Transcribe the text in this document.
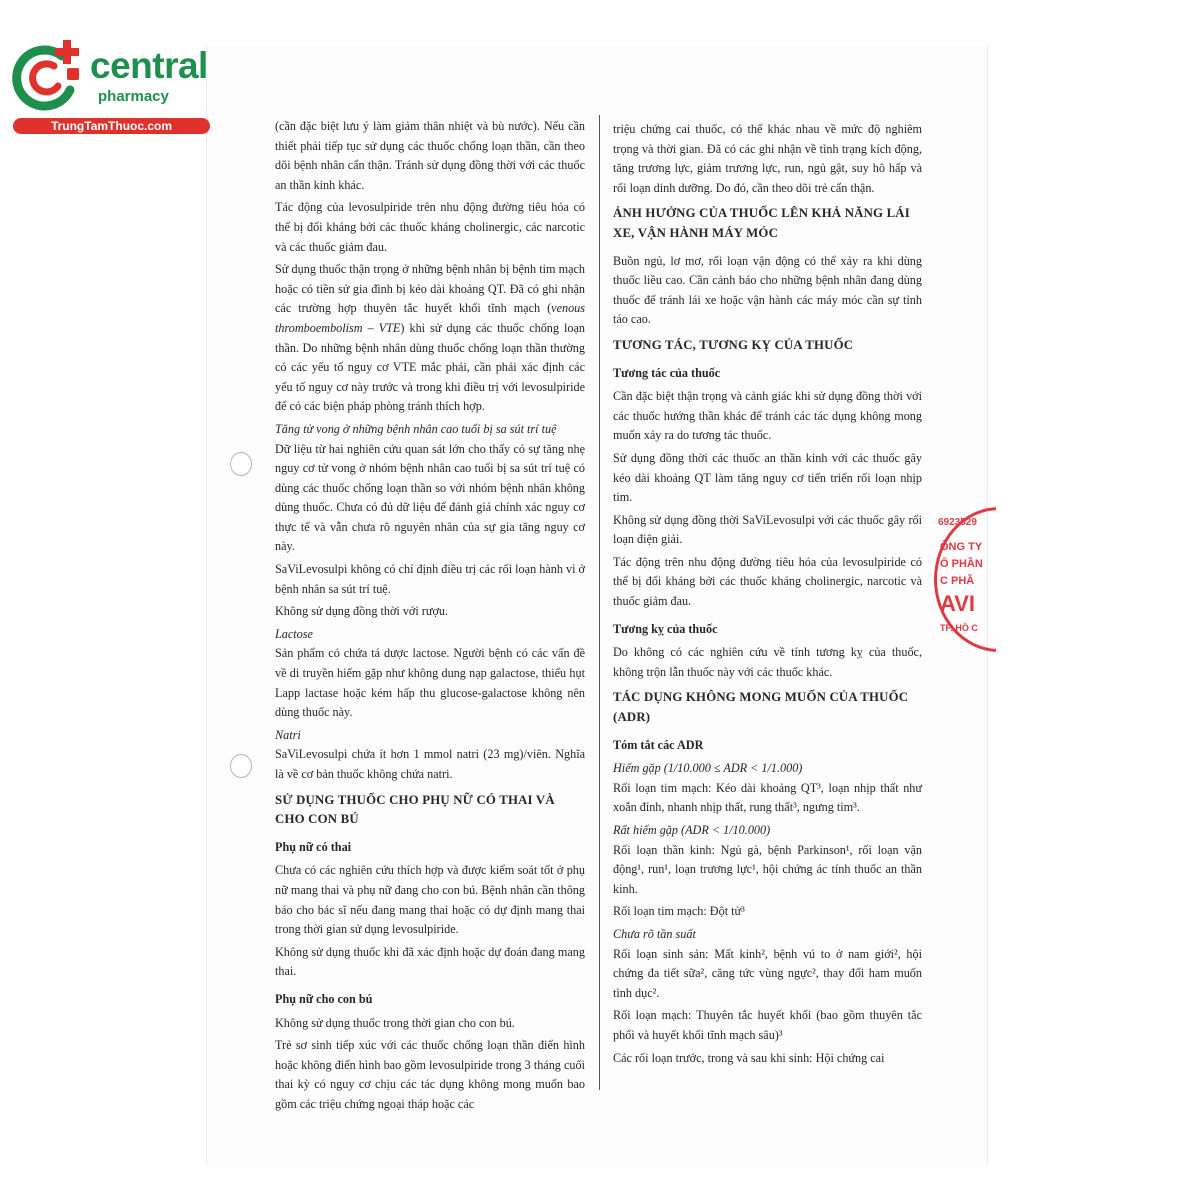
central
pharmacy
TrungTamThuoc.com	(cần đặc biệt lưu ý làm giảm thân nhiệt và bù nước). Nếu cần thiết phải tiếp tục sử dụng các thuốc chống loạn thần, cần theo dõi bệnh nhân cẩn thận. Tránh sử dụng đồng thời với các thuốc an thần kinh khác.

Tác động của levosulpiride trên nhu động đường tiêu hóa có thể bị đối kháng bởi các thuốc kháng cholinergic, các narcotic và các thuốc giảm đau.

Sử dụng thuốc thận trọng ở những bệnh nhân bị bệnh tim mạch hoặc có tiền sử gia đình bị kéo dài khoảng QT. Đã có ghi nhận các trường hợp thuyên tắc huyết khối tĩnh mạch (venous thromboembolism – VTE) khi sử dụng các thuốc chống loạn thần. Do những bệnh nhân dùng thuốc chống loạn thần thường có các yếu tố nguy cơ VTE mắc phải, cần phải xác định các yếu tố nguy cơ này trước và trong khi điều trị với levosulpiride để có các biện pháp phòng tránh thích hợp.

Tăng tử vong ở những bệnh nhân cao tuổi bị sa sút trí tuệ

Dữ liệu từ hai nghiên cứu quan sát lớn cho thấy có sự tăng nhẹ nguy cơ tử vong ở nhóm bệnh nhân cao tuổi bị sa sút trí tuệ có dùng các thuốc chống loạn thần so với nhóm bệnh nhân không dùng thuốc. Chưa có đủ dữ liệu để đánh giá chính xác nguy cơ thực tế và vẫn chưa rõ nguyên nhân của sự gia tăng nguy cơ này.

SaViLevosulpi không có chỉ định điều trị các rối loạn hành vi ở bệnh nhân sa sút trí tuệ.

Không sử dụng đồng thời với rượu.

Lactose

Sản phẩm có chứa tá dược lactose. Người bệnh có các vấn đề về di truyền hiếm gặp như không dung nạp galactose, thiếu hụt Lapp lactase hoặc kém hấp thu glucose-galactose không nên dùng thuốc này.

Natri

SaViLevosulpi chứa ít hơn 1 mmol natri (23 mg)/viên. Nghĩa là về cơ bản thuốc không chứa natri.

SỬ DỤNG THUỐC CHO PHỤ NỮ CÓ THAI VÀ CHO CON BÚ

Phụ nữ có thai

Chưa có các nghiên cứu thích hợp và được kiểm soát tốt ở phụ nữ mang thai và phụ nữ đang cho con bú. Bệnh nhân cần thông báo cho bác sĩ nếu đang mang thai hoặc có dự định mang thai trong thời gian sử dụng levosulpiride.

Không sử dụng thuốc khi đã xác định hoặc dự đoán đang mang thai.

Phụ nữ cho con bú

Không sử dụng thuốc trong thời gian cho con bú.

Trẻ sơ sinh tiếp xúc với các thuốc chống loạn thần điển hình hoặc không điển hình bao gồm levosulpiride trong 3 tháng cuối thai kỳ có nguy cơ chịu các tác dụng không mong muốn bao gồm các triệu chứng ngoại tháp hoặc các

triệu chứng cai thuốc, có thể khác nhau về mức độ nghiêm trọng và thời gian. Đã có các ghi nhận về tình trạng kích động, tăng trương lực, giảm trương lực, run, ngủ gật, suy hô hấp và rối loạn dinh dưỡng. Do đó, cần theo dõi trẻ cẩn thận.

ẢNH HƯỞNG CỦA THUỐC LÊN KHẢ NĂNG LÁI XE, VẬN HÀNH MÁY MÓC

Buồn ngủ, lơ mơ, rối loạn vận động có thể xảy ra khi dùng thuốc liều cao. Cần cảnh báo cho những bệnh nhân đang dùng thuốc để tránh lái xe hoặc vận hành các máy móc cần sự tỉnh táo cao.

TƯƠNG TÁC, TƯƠNG KỴ CỦA THUỐC

Tương tác của thuốc

Cần đặc biệt thận trọng và cảnh giác khi sử dụng đồng thời với các thuốc hướng thần khác để tránh các tác dụng không mong muốn xảy ra do tương tác thuốc.

Sử dụng đồng thời các thuốc an thần kinh với các thuốc gây kéo dài khoảng QT làm tăng nguy cơ tiến triển rối loạn nhịp tim.

Không sử dụng đồng thời SaViLevosulpi với các thuốc gây rối loạn điện giải.

Tác động trên nhu động đường tiêu hóa của levosulpiride có thể bị đối kháng bởi các thuốc kháng cholinergic, narcotic và thuốc giảm đau.

Tương kỵ của thuốc

Do không có các nghiên cứu về tính tương kỵ của thuốc, không trộn lẫn thuốc này với các thuốc khác.

TÁC DỤNG KHÔNG MONG MUỐN CỦA THUỐC (ADR)

Tóm tắt các ADR

Hiếm gặp (1/10.000 ≤ ADR < 1/1.000)

Rối loạn tim mạch: Kéo dài khoảng QT³, loạn nhịp thất như xoắn đỉnh, nhanh nhịp thất, rung thất³, ngưng tim³.

Rất hiếm gặp (ADR < 1/10.000)

Rối loạn thần kinh: Ngủ gà, bệnh Parkinson¹, rối loạn vận động¹, run¹, loạn trương lực¹, hội chứng ác tính thuốc an thần kinh.

Rối loạn tim mạch: Đột tử³

Chưa rõ tần suất

Rối loạn sinh sản: Mất kinh², bệnh vú to ở nam giới², hội chứng đa tiết sữa², căng tức vùng ngực², thay đổi ham muốn tình dục².

Rối loạn mạch: Thuyên tắc huyết khối (bao gồm thuyên tắc phổi và huyết khối tĩnh mạch sâu)³

Các rối loạn trước, trong và sau khi sinh: Hội chứng cai

6923529
ÔNG TY
Ổ PHẦN
C PHẦ
AVI
TP. HỒ C
